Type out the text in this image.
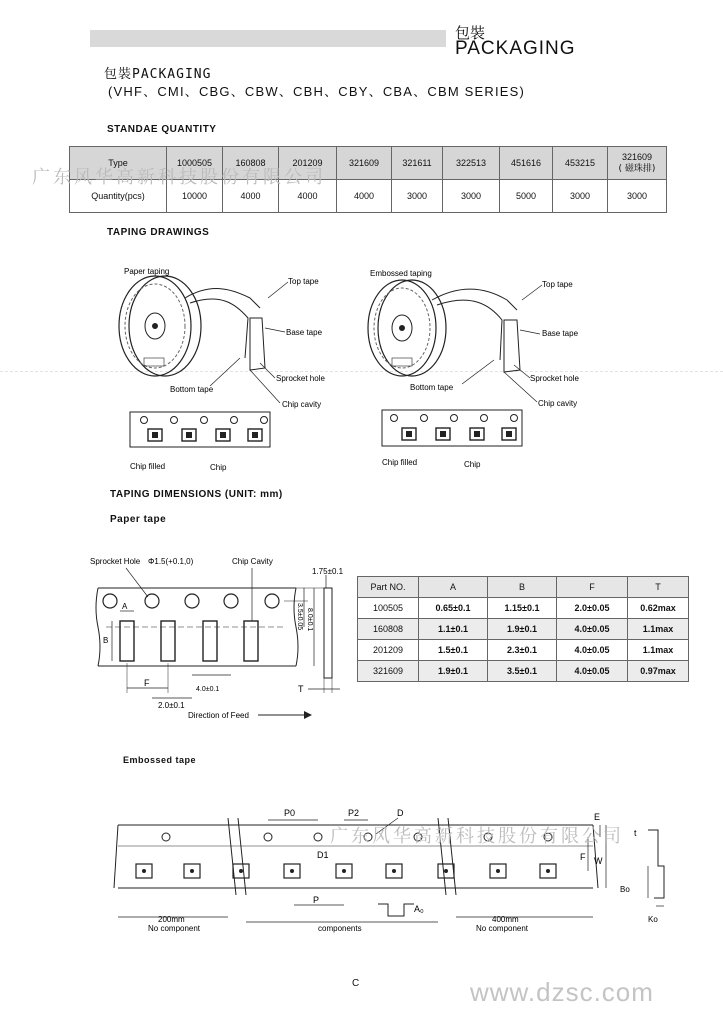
包裝
PACKAGING
包裝PACKAGING
(VHF、CMI、CBG、CBW、CBH、CBY、CBA、CBM SERIES)
STANDAE QUANTITY
Type	1000505	160808	201209	321609	321611	322513	451616	453215	321609
( 磁珠排)
Quantity(pcs)	10000	4000	4000	4000	3000	3000	5000	3000	3000
广东风华高新科技股份有限公司
TAPING DRAWINGS
Paper taping
Top tape
Base tape
Sprocket hole
Chip cavity
Bottom tape
Chip filled	Chip
Embossed taping
Top tape
Base tape
Sprocket hole
Chip cavity
Bottom tape
Chip filled	Chip
TAPING DIMENSIONS (UNIT: mm)
Paper tape
Sprocket Hole Φ1.5(+0.1,0)	Chip Cavity
1.75±0.1
A
B
F
4.0±0.1
2.0±0.1
Direction of Feed
3.5±0.05 8.0±0.1
T
Part NO.	A	B	F	T
100505	0.65±0.1	1.15±0.1	2.0±0.05	0.62max
160808	1.1±0.1	1.9±0.1	4.0±0.05	1.1max
201209	1.5±0.1	2.3±0.1	4.0±0.05	1.1max
321609	1.9±0.1	3.5±0.1	4.0±0.05	0.97max
Embossed tape
P0	P2	D
D1
P
A₀
200mm
No component	components
400mm
No component
E
F W
t
Bo
Ko
广东风华高新科技股份有限公司
C	www.dzsc.com
